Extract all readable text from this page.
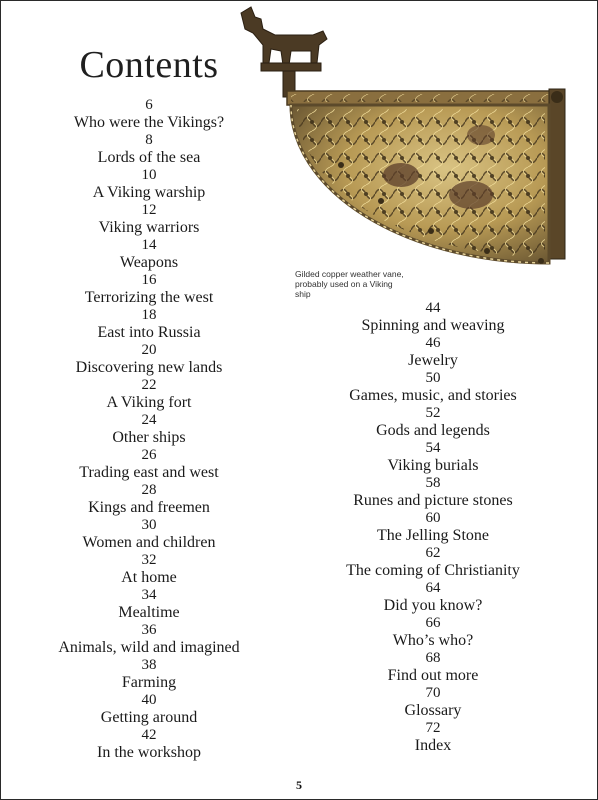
Contents
Gilded copper weather vane, probably used on a Viking ship
6
Who were the Vikings?
8
Lords of the sea
10
A Viking warship
12
Viking warriors
14
Weapons
16
Terrorizing the west
18
East into Russia
20
Discovering new lands
22
A Viking fort
24
Other ships
26
Trading east and west
28
Kings and freemen
30
Women and children
32
At home
34
Mealtime
36
Animals, wild and imagined
38
Farming
40
Getting around
42
In the workshop
44
Spinning and weaving
46
Jewelry
50
Games, music, and stories
52
Gods and legends
54
Viking burials
58
Runes and picture stones
60
The Jelling Stone
62
The coming of Christianity
64
Did you know?
66
Who’s who?
68
Find out more
70
Glossary
72
Index
5
